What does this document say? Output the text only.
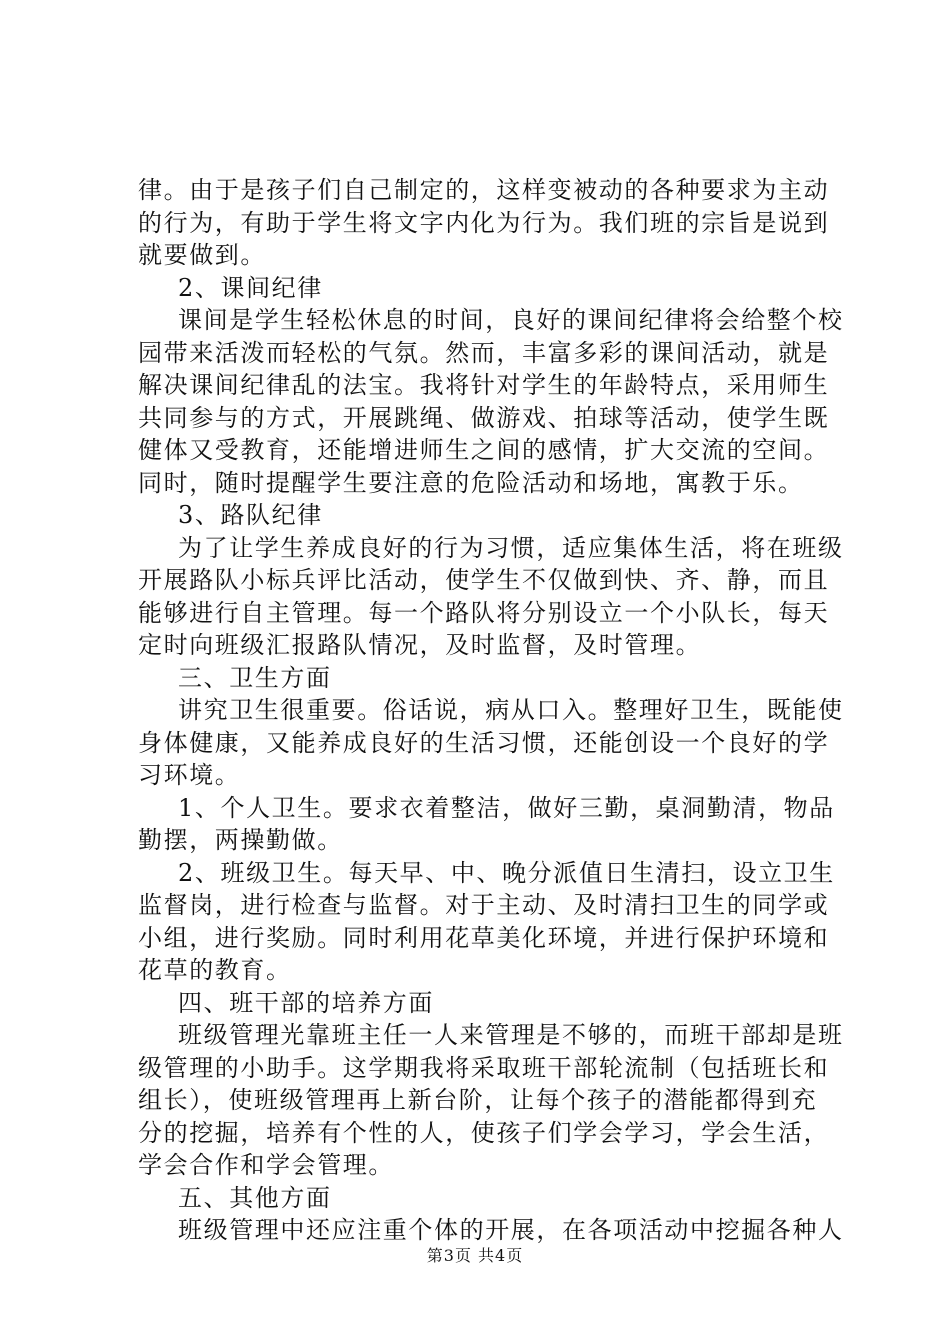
律。由于是孩子们自己制定的，这样变被动的各种要求为主动
的行为，有助于学生将文字内化为行为。我们班的宗旨是说到
就要做到。
2、课间纪律
课间是学生轻松休息的时间，良好的课间纪律将会给整个校
园带来活泼而轻松的气氛。然而，丰富多彩的课间活动，就是
解决课间纪律乱的法宝。我将针对学生的年龄特点，采用师生
共同参与的方式，开展跳绳、做游戏、拍球等活动，使学生既
健体又受教育，还能增进师生之间的感情，扩大交流的空间。
同时，随时提醒学生要注意的危险活动和场地，寓教于乐。
3、路队纪律
为了让学生养成良好的行为习惯，适应集体生活，将在班级
开展路队小标兵评比活动，使学生不仅做到快、齐、静，而且
能够进行自主管理。每一个路队将分别设立一个小队长，每天
定时向班级汇报路队情况，及时监督，及时管理。
三、卫生方面
讲究卫生很重要。俗话说，病从口入。整理好卫生，既能使
身体健康，又能养成良好的生活习惯，还能创设一个良好的学
习环境。
1、个人卫生。要求衣着整洁，做好三勤，桌洞勤清，物品
勤摆，两操勤做。
2、班级卫生。每天早、中、晚分派值日生清扫，设立卫生
监督岗，进行检查与监督。对于主动、及时清扫卫生的同学或
小组，进行奖励。同时利用花草美化环境，并进行保护环境和
花草的教育。
四、班干部的培养方面
班级管理光靠班主任一人来管理是不够的，而班干部却是班
级管理的小助手。这学期我将采取班干部轮流制（包括班长和
组长），使班级管理再上新台阶，让每个孩子的潜能都得到充
分的挖掘，培养有个性的人，使孩子们学会学习，学会生活，
学会合作和学会管理。
五、其他方面
班级管理中还应注重个体的开展，在各项活动中挖掘各种人
第3页 共4页
